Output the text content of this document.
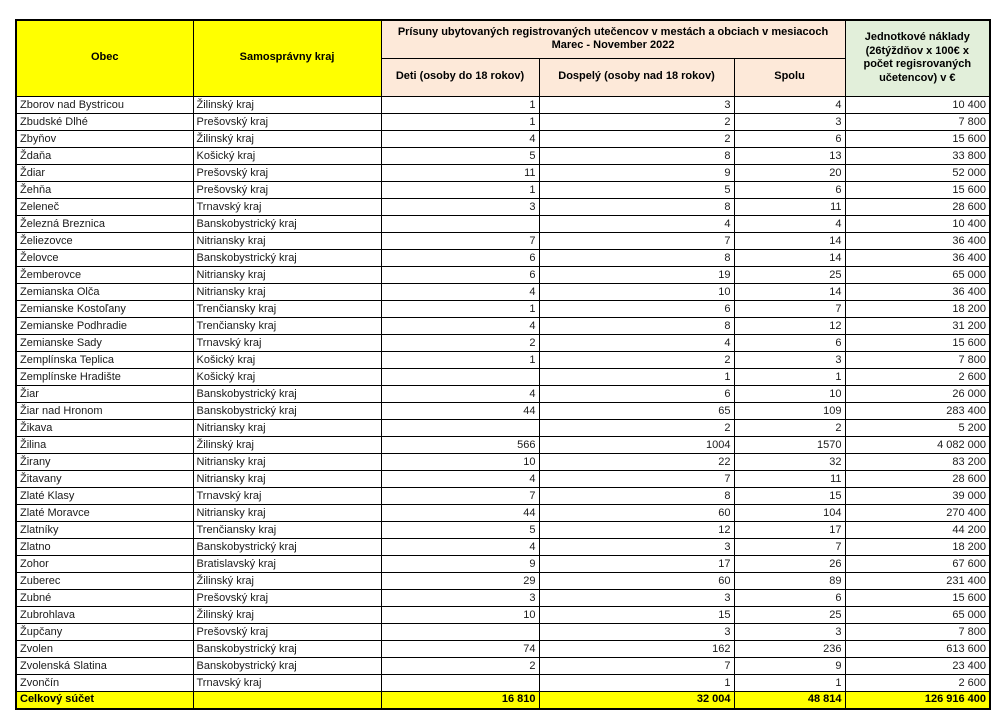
Obec	Samosprávny kraj	Prísuny ubytovaných registrovaných utečencov v mestách a obciach v mesiacoch Marec - November 2022			Jednotkové náklady (26týždňov x 100€ x počet regisrovaných učetencov) v €
		Deti (osoby do 18 rokov)	Dospelý (osoby nad 18 rokov)	Spolu	
Zborov nad Bystricou	Žilinský kraj	1	3	4	10 400
Zbudské Dlhé	Prešovský kraj	1	2	3	7 800
Zbyňov	Žilinský kraj	4	2	6	15 600
Ždaňa	Košický kraj	5	8	13	33 800
Ždiar	Prešovský kraj	11	9	20	52 000
Žehňa	Prešovský kraj	1	5	6	15 600
Zeleneč	Trnavský kraj	3	8	11	28 600
Železná Breznica	Banskobystrický kraj		4	4	10 400
Želiezovce	Nitriansky kraj	7	7	14	36 400
Želovce	Banskobystrický kraj	6	8	14	36 400
Žemberovce	Nitriansky kraj	6	19	25	65 000
Zemianska Olča	Nitriansky kraj	4	10	14	36 400
Zemianske Kostoľany	Trenčiansky kraj	1	6	7	18 200
Zemianske Podhradie	Trenčiansky kraj	4	8	12	31 200
Zemianske Sady	Trnavský kraj	2	4	6	15 600
Zemplínska Teplica	Košický kraj	1	2	3	7 800
Zemplínske Hradište	Košický kraj		1	1	2 600
Žiar	Banskobystrický kraj	4	6	10	26 000
Žiar nad Hronom	Banskobystrický kraj	44	65	109	283 400
Žikava	Nitriansky kraj		2	2	5 200
Žilina	Žilinský kraj	566	1004	1570	4 082 000
Žirany	Nitriansky kraj	10	22	32	83 200
Žitavany	Nitriansky kraj	4	7	11	28 600
Zlaté Klasy	Trnavský kraj	7	8	15	39 000
Zlaté Moravce	Nitriansky kraj	44	60	104	270 400
Zlatníky	Trenčiansky kraj	5	12	17	44 200
Zlatno	Banskobystrický kraj	4	3	7	18 200
Zohor	Bratislavský kraj	9	17	26	67 600
Zuberec	Žilinský kraj	29	60	89	231 400
Zubné	Prešovský kraj	3	3	6	15 600
Zubrohlava	Žilinský kraj	10	15	25	65 000
Župčany	Prešovský kraj		3	3	7 800
Zvolen	Banskobystrický kraj	74	162	236	613 600
Zvolenská Slatina	Banskobystrický kraj	2	7	9	23 400
Zvončín	Trnavský kraj		1	1	2 600
Celkový súčet		16 810	32 004	48 814	126 916 400
